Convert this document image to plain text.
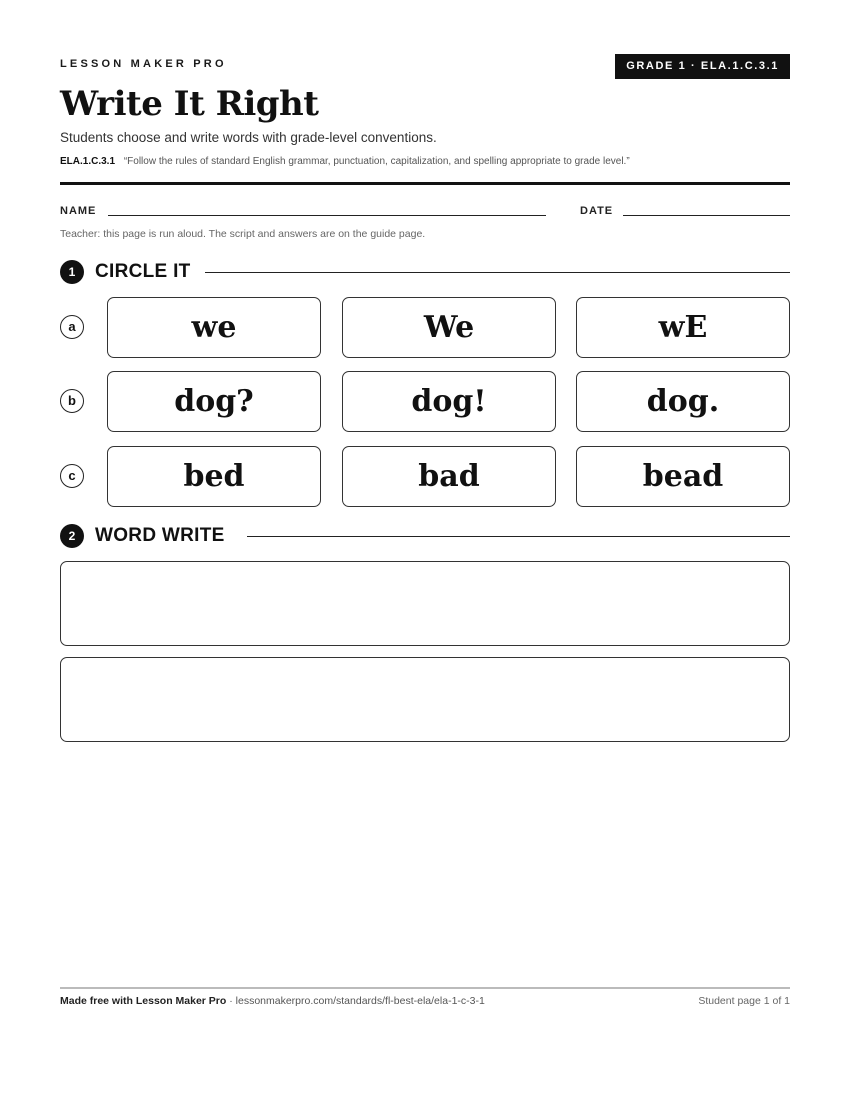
LESSON MAKER PRO	GRADE 1 · ELA.1.C.3.1
Write It Right
Students choose and write words with grade-level conventions.
ELA.1.C.3.1 “Follow the rules of standard English grammar, punctuation, capitalization, and spelling appropriate to grade level.”
NAME	DATE
Teacher: this page is run aloud. The script and answers are on the guide page.
1	CIRCLE IT
a	we	We	wE
b	dog?	dog!	dog.
c	bed	bad	bead
2	WORD WRITE
Made free with Lesson Maker Pro · lessonmakerpro.com/standards/fl-best-ela/ela-1-c-3-1	Student page 1 of 1
